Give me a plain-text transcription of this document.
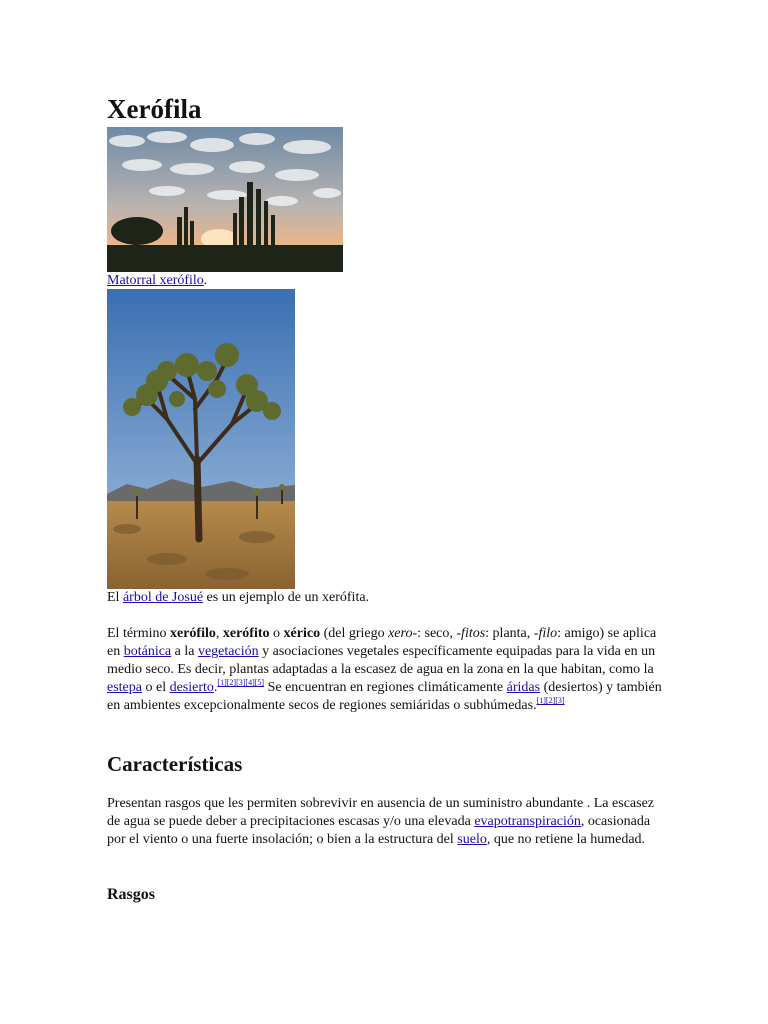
Xerófila
Matorral xerófilo.
El árbol de Josué es un ejemplo de un xerófita.

El término xerófilo, xerófito o xérico (del griego xero-: seco, -fitos: planta, -filo: amigo) se aplica en botánica a la vegetación y asociaciones vegetales específicamente equipadas para la vida en un medio seco. Es decir, plantas adaptadas a la escasez de agua en la zona en la que habitan, como la estepa o el desierto.[1][2][3][4][5] Se encuentran en regiones climáticamente áridas (desiertos) y también en ambientes excepcionalmente secos de regiones semiáridas o subhúmedas.[1][2][3]

Características

Presentan rasgos que les permiten sobrevivir en ausencia de un suministro abundante . La escasez de agua se puede deber a precipitaciones escasas y/o una elevada evapotranspiración, ocasionada por el viento o una fuerte insolación; o bien a la estructura del suelo, que no retiene la humedad.

Rasgos
